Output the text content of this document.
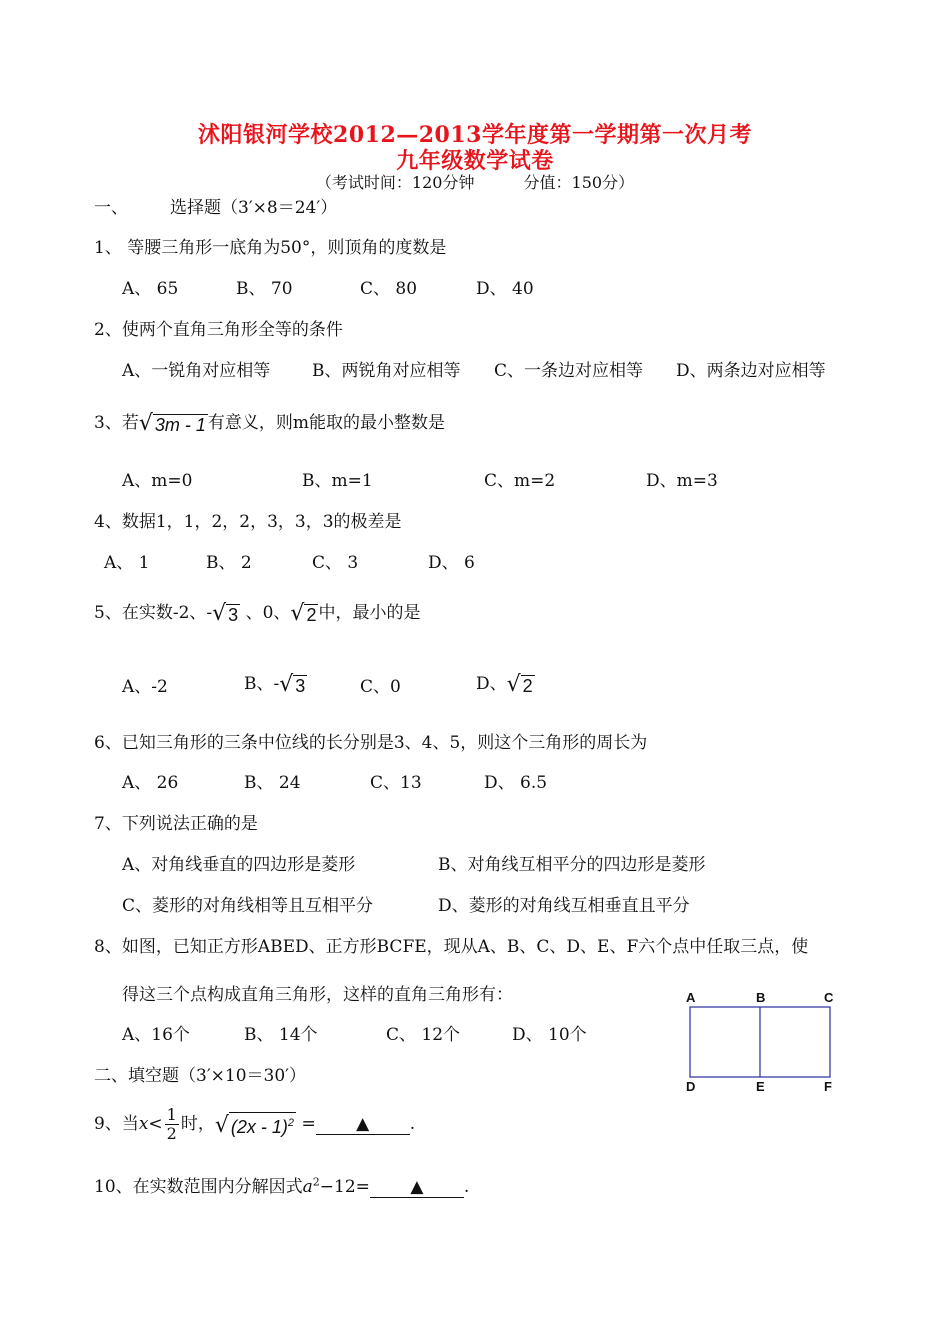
沭阳银河学校2012—2013学年度第一学期第一次月考
九年级数学试卷
（考试时间：120分钟	分值：150分）
一、 选择题（3′×8＝24′）
1、 等腰三角形一底角为50°，则顶角的度数是
A、 65	B、 70	C、 80	D、 40
2、使两个直角三角形全等的条件
A、一锐角对应相等 B、两锐角对应相等 C、一条边对应相等 D、两条边对应相等
3、若 √ 3m - 1 有意义，则m能取的最小整数是
A、m=0	B、m=1	C、m=2	D、m=3
4、数据1，1，2，2，3，3，3的极差是
A、 1	B、 2	C、 3	D、 6
5、在实数-2、- √ 3 、0、 √ 2 中，最小的是
A、-2	B、- √ 3	C、0	D、 √ 2
6、已知三角形的三条中位线的长分别是3、4、5，则这个三角形的周长为
A、 26	B、 24	C、13	D、 6.5
7、下列说法正确的是
A、对角线垂直的四边形是菱形	B、对角线互相平分的四边形是菱形
C、菱形的对角线相等且互相平分	D、菱形的对角线互相垂直且平分
8、如图，已知正方形ABED、正方形BCFE，现从A、B、C、D、E、F六个点中任取三点，使
得这三个点构成直角三角形，这样的直角三角形有：
A、16个	B、 14个	C、 12个	D、 10个
A	B	C
D	E	F
二、填空题（3′×10＝30′）
9、当$x< \frac{1}{2}$ 时， √ (2x - 1)$^2$ = ▲ .
10、在实数范围内分解因式$a^2-12=$ ▲ .
